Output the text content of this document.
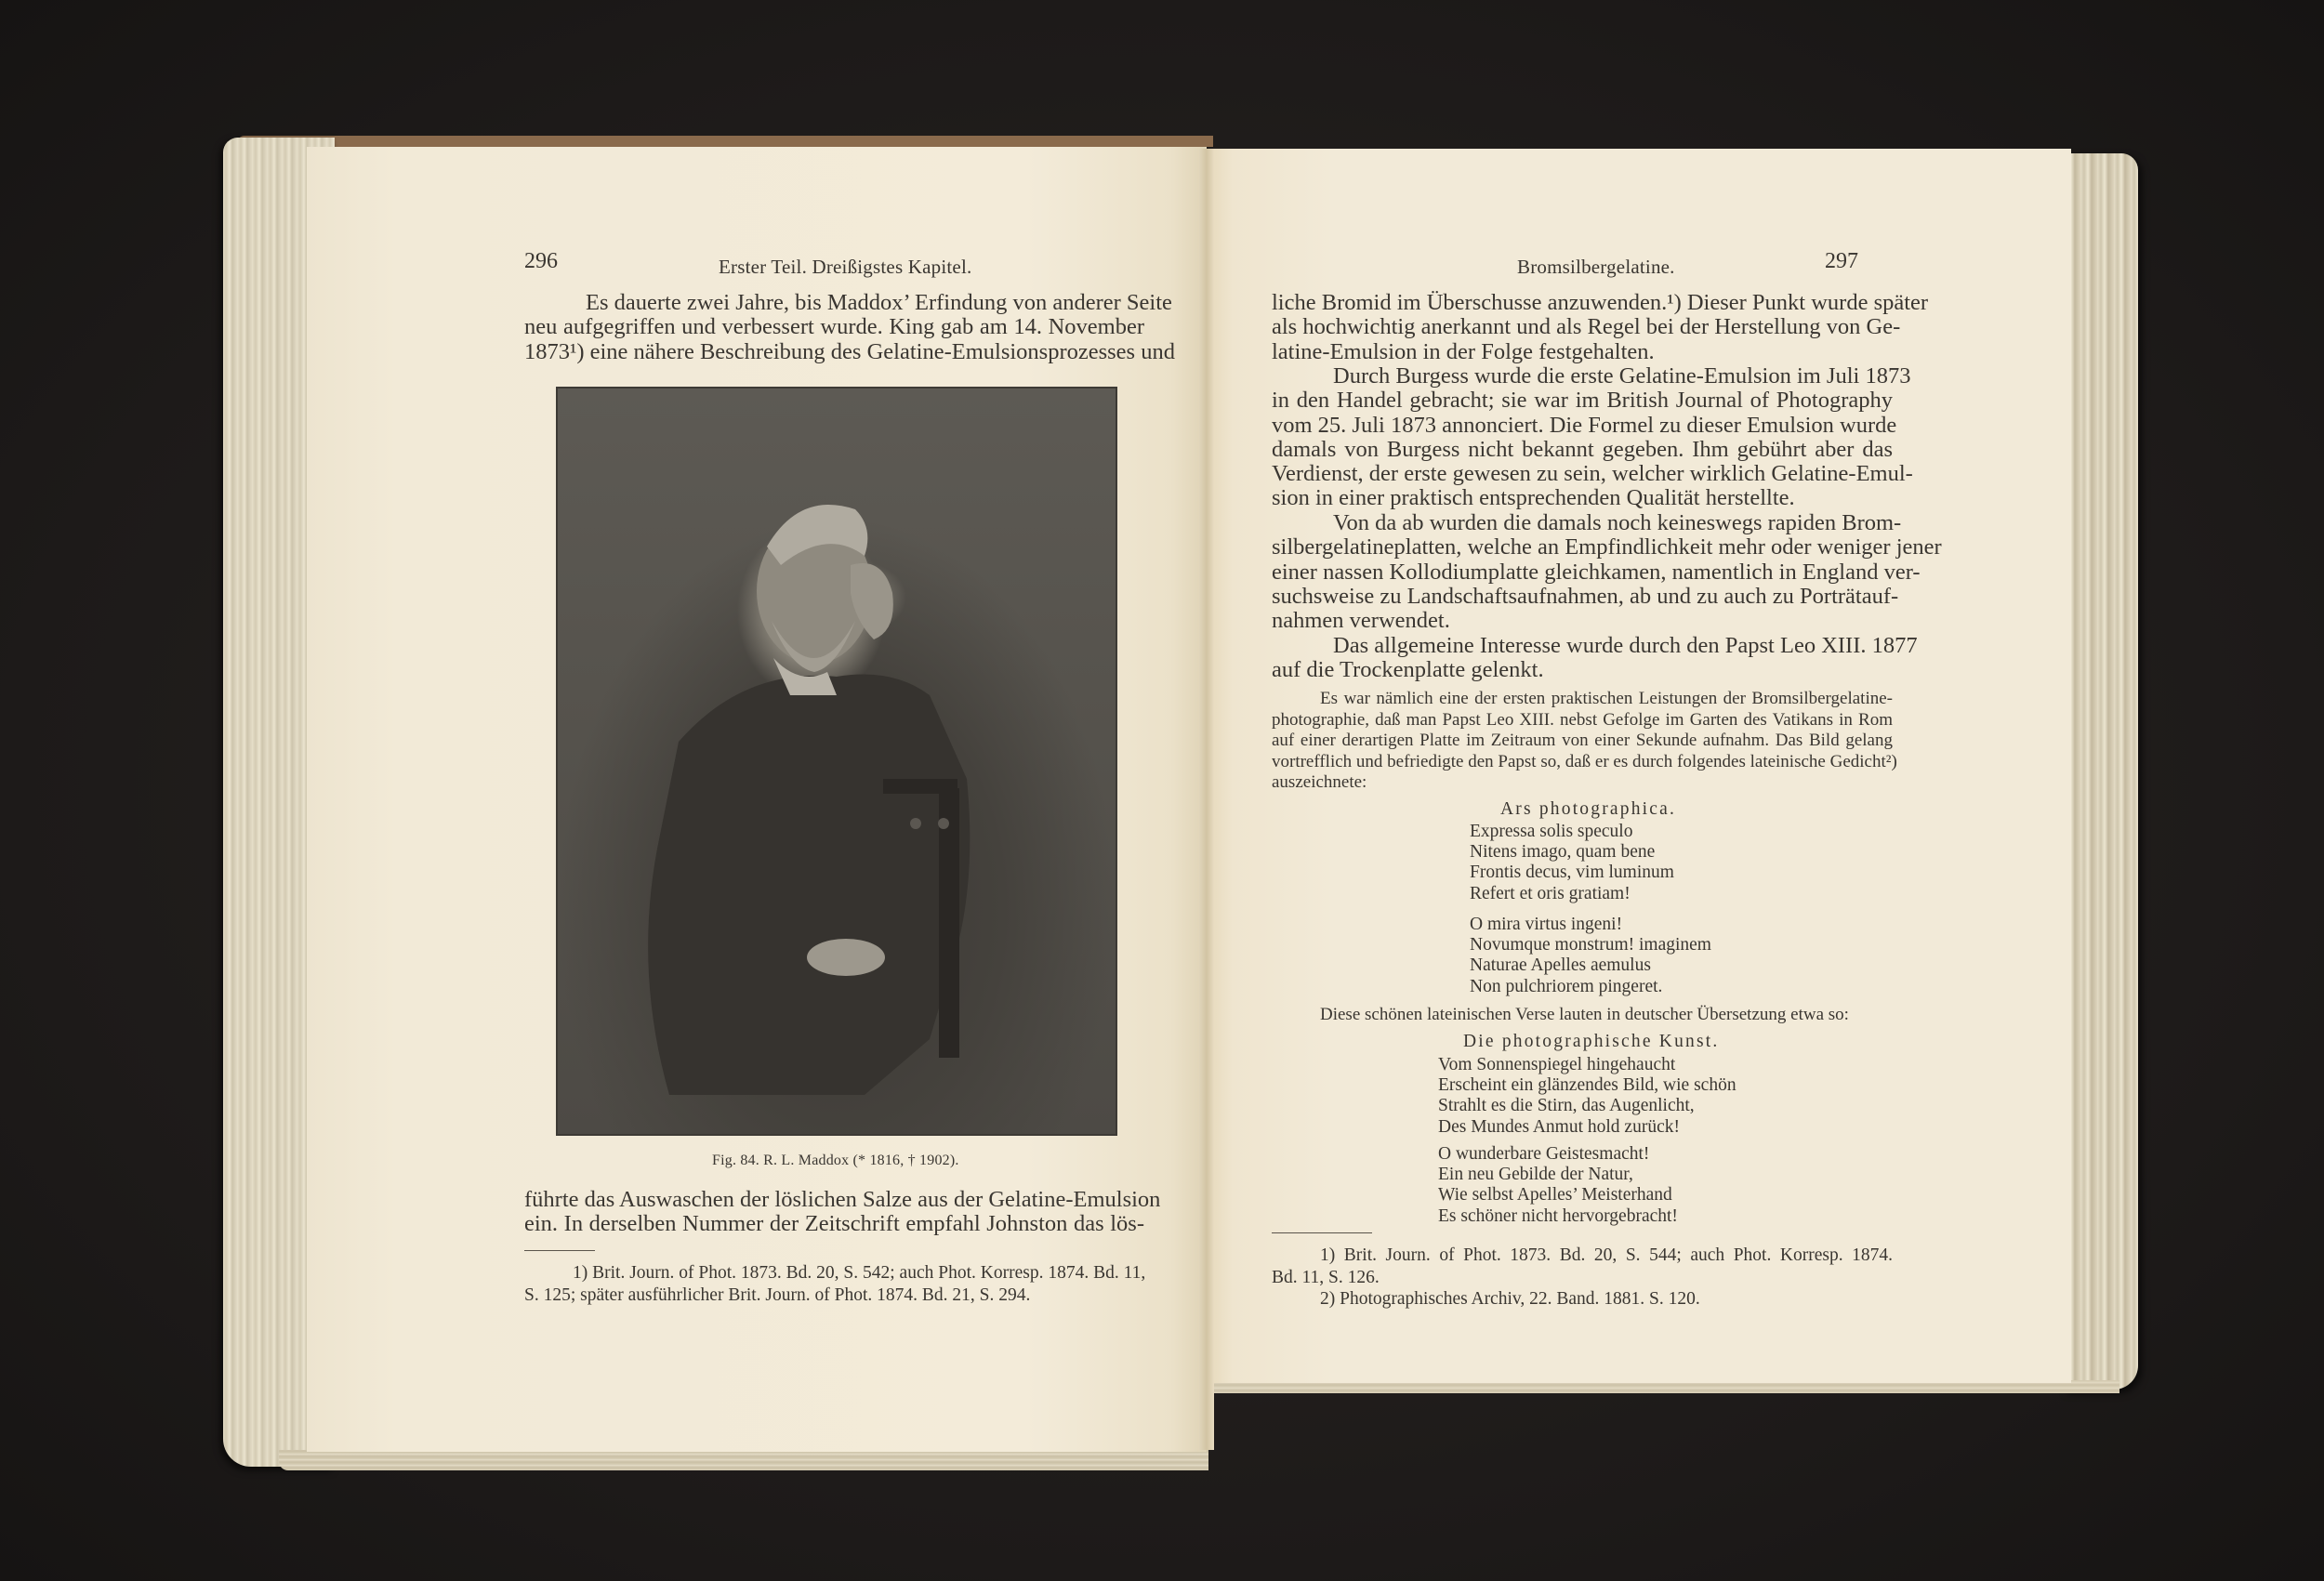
296	Erster Teil. Dreißigstes Kapitel.
Es dauerte zwei Jahre, bis Maddox’ Erfindung von anderer Seite
neu aufgegriffen und verbessert wurde. King gab am 14. November
1873¹) eine nähere Beschreibung des Gelatine-Emulsionsprozesses und
Fig. 84. R. L. Maddox (* 1816, † 1902).
führte das Auswaschen der löslichen Salze aus der Gelatine-Emulsion
ein. In derselben Nummer der Zeitschrift empfahl Johnston das lös-
1) Brit. Journ. of Phot. 1873. Bd. 20, S. 542; auch Phot. Korresp. 1874. Bd. 11,
S. 125; später ausführlicher Brit. Journ. of Phot. 1874. Bd. 21, S. 294.
Bromsilbergelatine.	297
liche Bromid im Überschusse anzuwenden.¹) Dieser Punkt wurde später
als hochwichtig anerkannt und als Regel bei der Herstellung von Ge-
latine-Emulsion in der Folge festgehalten.
Durch Burgess wurde die erste Gelatine-Emulsion im Juli 1873
in den Handel gebracht; sie war im British Journal of Photography
vom 25. Juli 1873 annonciert. Die Formel zu dieser Emulsion wurde
damals von Burgess nicht bekannt gegeben. Ihm gebührt aber das
Verdienst, der erste gewesen zu sein, welcher wirklich Gelatine-Emul-
sion in einer praktisch entsprechenden Qualität herstellte.
Von da ab wurden die damals noch keineswegs rapiden Brom-
silbergelatineplatten, welche an Empfindlichkeit mehr oder weniger jener
einer nassen Kollodiumplatte gleichkamen, namentlich in England ver-
suchsweise zu Landschaftsaufnahmen, ab und zu auch zu Porträtauf-
nahmen verwendet.
Das allgemeine Interesse wurde durch den Papst Leo XIII. 1877
auf die Trockenplatte gelenkt.
Es war nämlich eine der ersten praktischen Leistungen der Bromsilbergelatine-
photographie, daß man Papst Leo XIII. nebst Gefolge im Garten des Vatikans in Rom
auf einer derartigen Platte im Zeitraum von einer Sekunde aufnahm. Das Bild gelang
vortrefflich und befriedigte den Papst so, daß er es durch folgendes lateinische Gedicht²)
auszeichnete:
Ars photographica.
Expressa solis speculo
Nitens imago, quam bene
Frontis decus, vim luminum
Refert et oris gratiam!
O mira virtus ingeni!
Novumque monstrum! imaginem
Naturae Apelles aemulus
Non pulchriorem pingeret.
Diese schönen lateinischen Verse lauten in deutscher Übersetzung etwa so:
Die photographische Kunst.
Vom Sonnenspiegel hingehaucht
Erscheint ein glänzendes Bild, wie schön
Strahlt es die Stirn, das Augenlicht,
Des Mundes Anmut hold zurück!
O wunderbare Geistesmacht!
Ein neu Gebilde der Natur,
Wie selbst Apelles’ Meisterhand
Es schöner nicht hervorgebracht!
1) Brit. Journ. of Phot. 1873. Bd. 20, S. 544; auch Phot. Korresp. 1874.
Bd. 11, S. 126.
2) Photographisches Archiv, 22. Band. 1881. S. 120.
